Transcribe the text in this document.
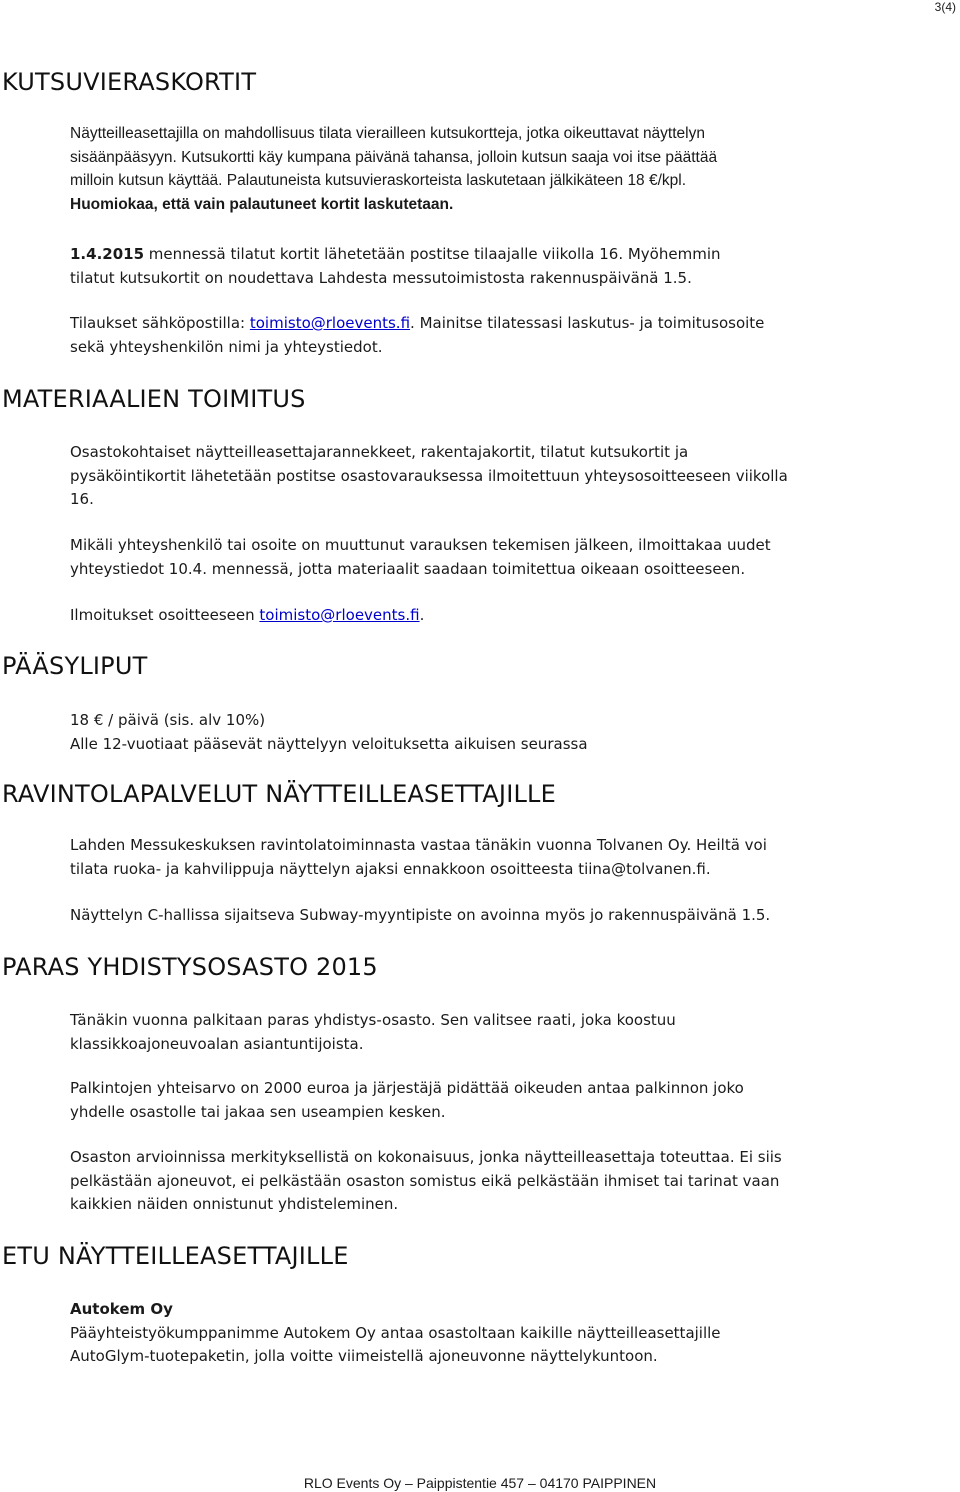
3(4)
KUTSUVIERASKORTIT
Näytteilleasettajilla on mahdollisuus tilata vierailleen kutsukortteja, jotka oikeuttavat näyttelyn
sisäänpääsyyn. Kutsukortti käy kumpana päivänä tahansa, jolloin kutsun saaja voi itse päättää
milloin kutsun käyttää. Palautuneista kutsuvieraskorteista laskutetaan jälkikäteen 18 €/kpl.
Huomiokaa, että vain palautuneet kortit laskutetaan.
1.4.2015 mennessä tilatut kortit lähetetään postitse tilaajalle viikolla 16. Myöhemmin
tilatut kutsukortit on noudettava Lahdesta messutoimistosta rakennuspäivänä 1.5.
Tilaukset sähköpostilla: toimisto@rloevents.fi. Mainitse tilatessasi laskutus- ja toimitusosoite
sekä yhteyshenkilön nimi ja yhteystiedot.
MATERIAALIEN TOIMITUS
Osastokohtaiset näytteilleasettajarannekkeet, rakentajakortit, tilatut kutsukortit ja
pysäköintikortit lähetetään postitse osastovarauksessa ilmoitettuun yhteysosoitteeseen viikolla
16.
Mikäli yhteyshenkilö tai osoite on muuttunut varauksen tekemisen jälkeen, ilmoittakaa uudet
yhteystiedot 10.4. mennessä, jotta materiaalit saadaan toimitettua oikeaan osoitteeseen.
Ilmoitukset osoitteeseen toimisto@rloevents.fi.
PÄÄSYLIPUT
18 € / päivä (sis. alv 10%)
Alle 12-vuotiaat pääsevät näyttelyyn veloituksetta aikuisen seurassa
RAVINTOLAPALVELUT NÄYTTEILLEASETTAJILLE
Lahden Messukeskuksen ravintolatoiminnasta vastaa tänäkin vuonna Tolvanen Oy. Heiltä voi
tilata ruoka- ja kahvilippuja näyttelyn ajaksi ennakkoon osoitteesta tiina@tolvanen.fi.
Näyttelyn C-hallissa sijaitseva Subway-myyntipiste on avoinna myös jo rakennuspäivänä 1.5.
PARAS YHDISTYSOSASTO 2015
Tänäkin vuonna palkitaan paras yhdistys-osasto. Sen valitsee raati, joka koostuu
klassikkoajoneuvoalan asiantuntijoista.
Palkintojen yhteisarvo on 2000 euroa ja järjestäjä pidättää oikeuden antaa palkinnon joko
yhdelle osastolle tai jakaa sen useampien kesken.
Osaston arvioinnissa merkityksellistä on kokonaisuus, jonka näytteilleasettaja toteuttaa. Ei siis
pelkästään ajoneuvot, ei pelkästään osaston somistus eikä pelkästään ihmiset tai tarinat vaan
kaikkien näiden onnistunut yhdisteleminen.
ETU NÄYTTEILLEASETTAJILLE
Autokem Oy
Pääyhteistyökumppanimme Autokem Oy antaa osastoltaan kaikille näytteilleasettajille
AutoGlym-tuotepaketin, jolla voitte viimeistellä ajoneuvonne näyttelykuntoon.
RLO Events Oy – Paippistentie 457 – 04170 PAIPPINEN
